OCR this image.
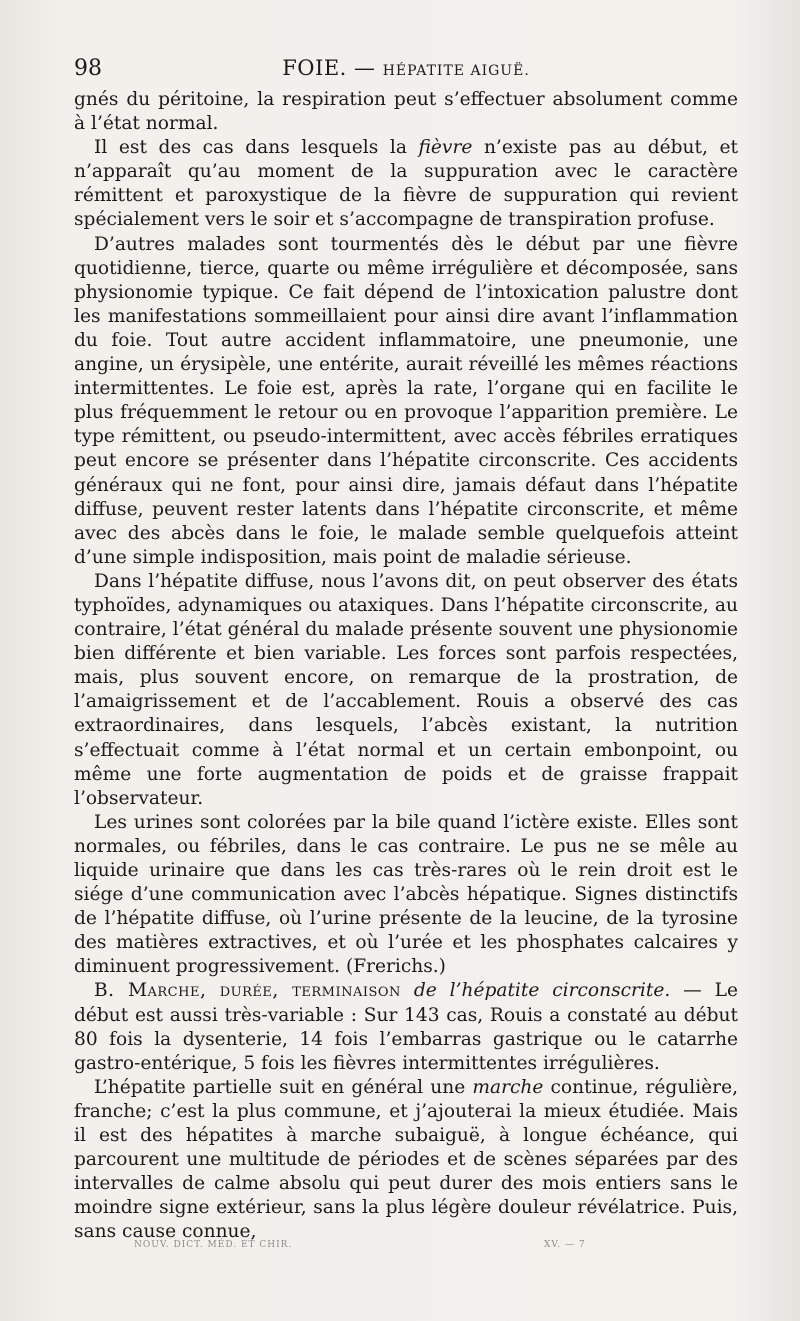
98	FOIE. — HÉPATITE AIGUË.

gnés du péritoine, la respiration peut s’effectuer absolument comme à l’état normal.

Il est des cas dans lesquels la fièvre n’existe pas au début, et n’apparaît qu’au moment de la suppuration avec le caractère rémittent et paroxystique de la fièvre de suppuration qui revient spécialement vers le soir et s’accompagne de transpiration profuse.

D’autres malades sont tourmentés dès le début par une fièvre quotidienne, tierce, quarte ou même irrégulière et décomposée, sans physionomie typique. Ce fait dépend de l’intoxication palustre dont les manifestations sommeillaient pour ainsi dire avant l’inflammation du foie. Tout autre accident inflammatoire, une pneumonie, une angine, un érysipèle, une entérite, aurait réveillé les mêmes réactions intermittentes. Le foie est, après la rate, l’organe qui en facilite le plus fréquemment le retour ou en provoque l’apparition première. Le type rémittent, ou pseudo-intermittent, avec accès fébriles erratiques peut encore se présenter dans l’hépatite circonscrite. Ces accidents généraux qui ne font, pour ainsi dire, jamais défaut dans l’hépatite diffuse, peuvent rester latents dans l’hépatite circonscrite, et même avec des abcès dans le foie, le malade semble quelquefois atteint d’une simple indisposition, mais point de maladie sérieuse.

Dans l’hépatite diffuse, nous l’avons dit, on peut observer des états typhoïdes, adynamiques ou ataxiques. Dans l’hépatite circonscrite, au contraire, l’état général du malade présente souvent une physionomie bien différente et bien variable. Les forces sont parfois respectées, mais, plus souvent encore, on remarque de la prostration, de l’amaigrissement et de l’accablement. Rouis a observé des cas extraordinaires, dans lesquels, l’abcès existant, la nutrition s’effectuait comme à l’état normal et un certain embonpoint, ou même une forte augmentation de poids et de graisse frappait l’observateur.

Les urines sont colorées par la bile quand l’ictère existe. Elles sont normales, ou fébriles, dans le cas contraire. Le pus ne se mêle au liquide urinaire que dans les cas très-rares où le rein droit est le siége d’une communication avec l’abcès hépatique. Signes distinctifs de l’hépatite diffuse, où l’urine présente de la leucine, de la tyrosine des matières extractives, et où l’urée et les phosphates calcaires y diminuent progressivement. (Frerichs.)

B. Marche, durée, terminaison de l’hépatite circonscrite. — Le début est aussi très-variable : Sur 143 cas, Rouis a constaté au début 80 fois la dysenterie, 14 fois l’embarras gastrique ou le catarrhe gastro-entérique, 5 fois les fièvres intermittentes irrégulières.

L’hépatite partielle suit en général une marche continue, régulière, franche; c’est la plus commune, et j’ajouterai la mieux étudiée. Mais il est des hépatites à marche subaiguë, à longue échéance, qui parcourent une multitude de périodes et de scènes séparées par des intervalles de calme absolu qui peut durer des mois entiers sans le moindre signe extérieur, sans la plus légère douleur révélatrice. Puis, sans cause connue,

NOUV. DICT. MÉD. ET CHIR.	XV. — 7
